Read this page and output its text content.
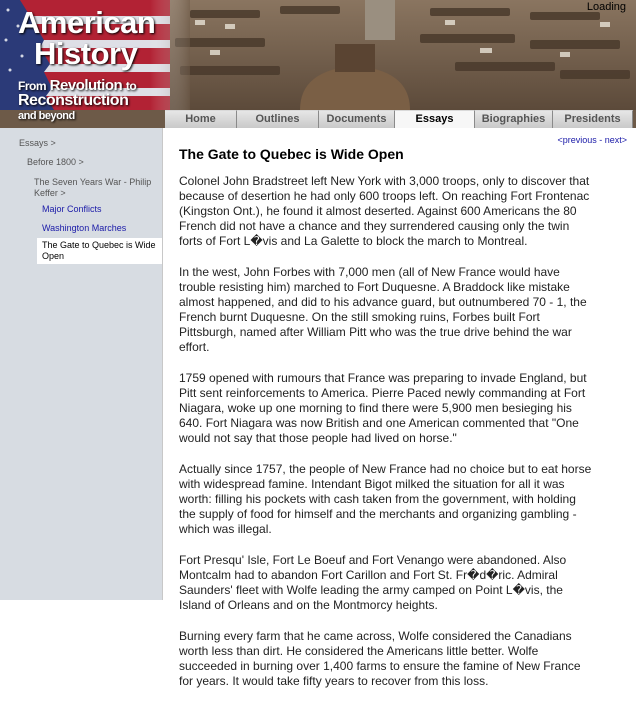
American
History
From Revolution to
Reconstruction
and beyond
Loading
Home	Outlines	Documents	Essays	Biographies	Presidents
Essays >
Before 1800 >
The Seven Years War - Philip Keffer >
Major Conflicts
Washington Marches
The Gate to Quebec is Wide Open
<previous - next>
The Gate to Quebec is Wide Open

Colonel John Bradstreet left New York with 3,000 troops, only to discover that because of desertion he had only 600 troops left. On reaching Fort Frontenac (Kingston Ont.), he found it almost deserted. Against 600 Americans the 80 French did not have a chance and they surrendered causing only the twin forts of Fort L�vis and La Galette to block the march to Montreal.

In the west, John Forbes with 7,000 men (all of New France would have trouble resisting him) marched to Fort Duquesne. A Braddock like mistake almost happened, and did to his advance guard, but outnumbered 70 - 1, the French burnt Duquesne. On the still smoking ruins, Forbes built Fort Pittsburgh, named after William Pitt who was the true drive behind the war effort.

1759 opened with rumours that France was preparing to invade England, but Pitt sent reinforcements to America. Pierre Paced newly commanding at Fort Niagara, woke up one morning to find there were 5,900 men besieging his 640. Fort Niagara was now British and one American commented that "One would not say that those people had lived on horse."

Actually since 1757, the people of New France had no choice but to eat horse with widespread famine. Intendant Bigot milked the situation for all it was worth: filling his pockets with cash taken from the government, with holding the supply of food for himself and the merchants and organizing gambling - which was illegal.

Fort Presqu' Isle, Fort Le Boeuf and Fort Venango were abandoned. Also Montcalm had to abandon Fort Carillon and Fort St. Fr�d�ric. Admiral Saunders' fleet with Wolfe leading the army camped on Point L�vis, the Island of Orleans and on the Montmorcy heights.

Burning every farm that he came across, Wolfe considered the Canadians worth less than dirt. He considered the Americans little better. Wolfe succeeded in burning over 1,400 farms to ensure the famine of New France for years. It would take fifty years to recover from this loss.
